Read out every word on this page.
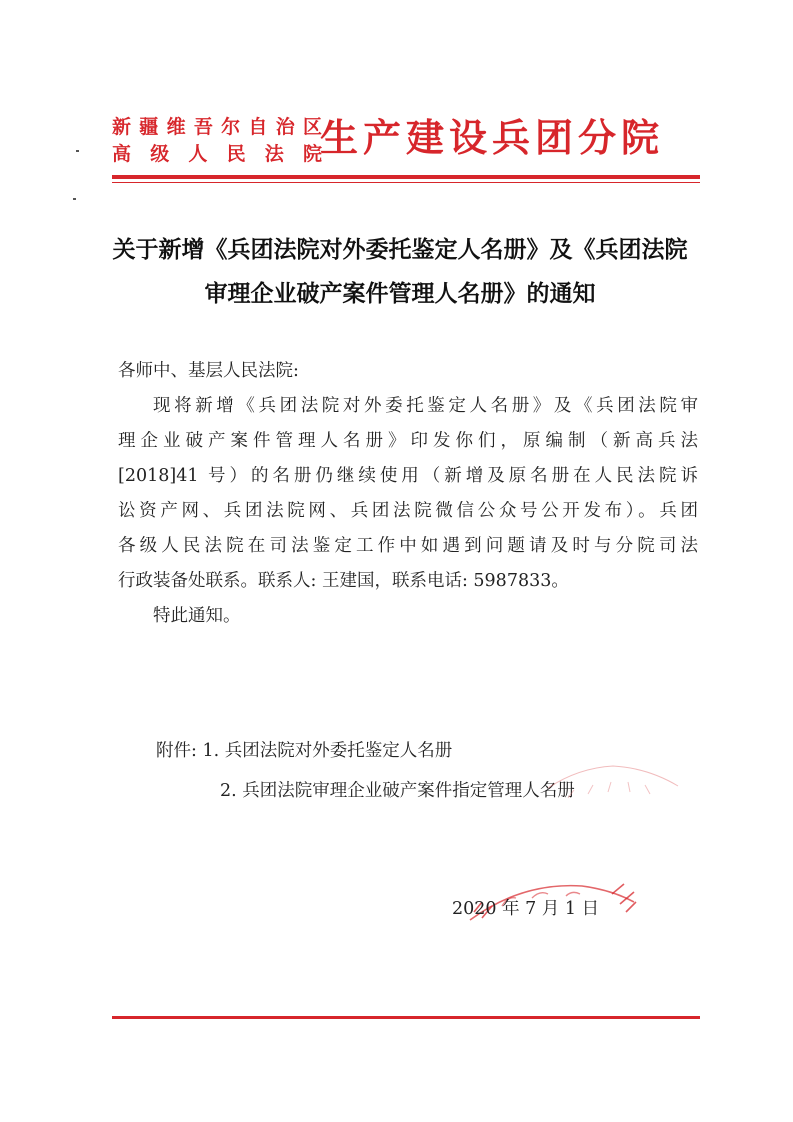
新疆维吾尔自治区
高级人民法院
生产建设兵团分院
关于新增《兵团法院对外委托鉴定人名册》及《兵团法院
审理企业破产案件管理人名册》的通知
各师中、基层人民法院:
现将新增《兵团法院对外委托鉴定人名册》及《兵团法院审
理企业破产案件管理人名册》印发你们，原编制（新高兵法
[2018]41 号）的名册仍继续使用（新增及原名册在人民法院诉
讼资产网、兵团法院网、兵团法院微信公众号公开发布）。兵团
各级人民法院在司法鉴定工作中如遇到问题请及时与分院司法
行政装备处联系。联系人: 王建国，联系电话: 5987833。
特此通知。
附件: 1. 兵团法院对外委托鉴定人名册
2. 兵团法院审理企业破产案件指定管理人名册
2020 年 7 月 1 日
